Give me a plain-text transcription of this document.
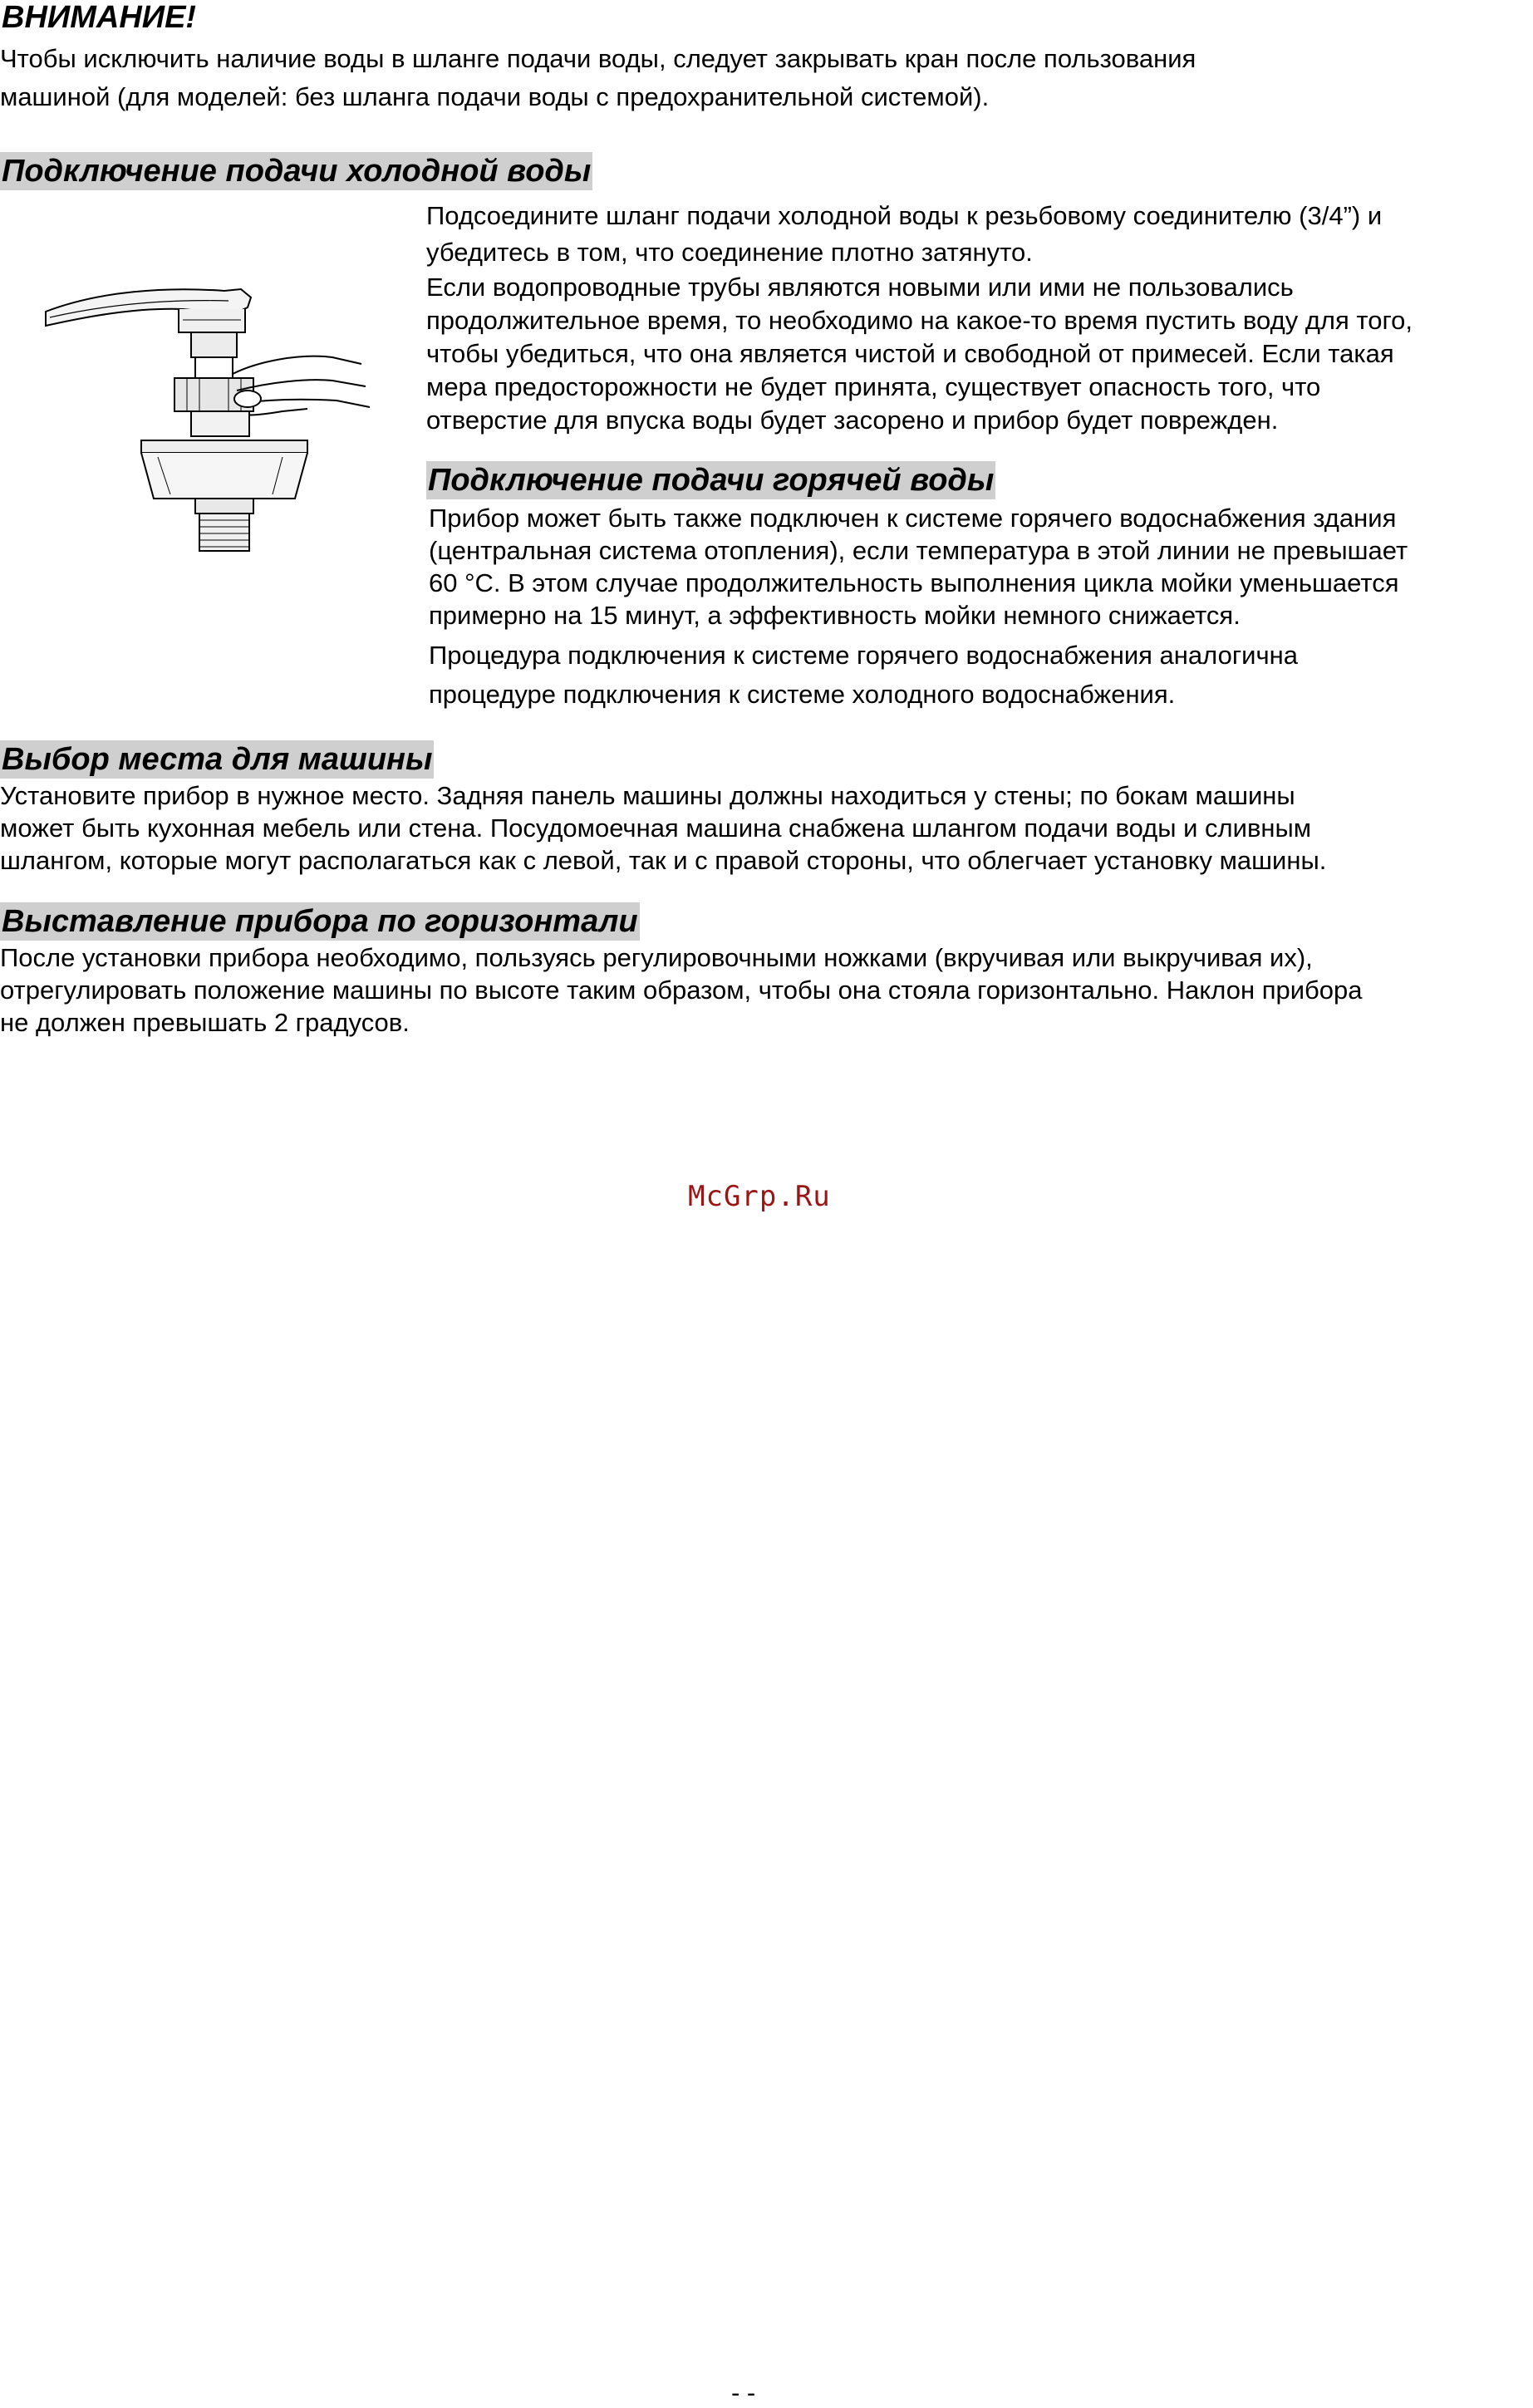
ВНИМАНИЕ!

Чтобы исключить наличие воды в шланге подачи воды, следует закрывать кран после пользования
машиной (для моделей: без шланга подачи воды с предохранительной системой).

Подключение подачи холодной воды

Подсоедините шланг подачи холодной воды к резьбовому соединителю (3/4”) и
убедитесь в том, что соединение плотно затянуто.
Если водопроводные трубы являются новыми или ими не пользовались
продолжительное время, то необходимо на какое-то время пустить воду для того,
чтобы убедиться, что она является чистой и свободной от примесей. Если такая
мера предосторожности не будет принята, существует опасность того, что
отверстие для впуска воды будет засорено и прибор будет поврежден.

Подключение подачи горячей воды

Прибор может быть также подключен к системе горячего водоснабжения здания
(центральная система отопления), если температура в этой линии не превышает
60 °С. В этом случае продолжительность выполнения цикла мойки уменьшается
примерно на 15 минут, а эффективность мойки немного снижается.

Процедура подключения к системе горячего водоснабжения аналогична
процедуре подключения к системе холодного водоснабжения.

Выбор места для машины

Установите прибор в нужное место. Задняя панель машины должны находиться у стены; по бокам машины
может быть кухонная мебель или стена. Посудомоечная машина снабжена шлангом подачи воды и сливным
шлангом, которые могут располагаться как с левой, так и с правой стороны, что облегчает установку машины.

Выставление прибора по горизонтали

После установки прибора необходимо, пользуясь регулировочными ножками (вкручивая или выкручивая их),
отрегулировать положение машины по высоте таким образом, чтобы она стояла горизонтально. Наклон прибора
не должен превышать 2 градусов.

McGrp.Ru
- -
